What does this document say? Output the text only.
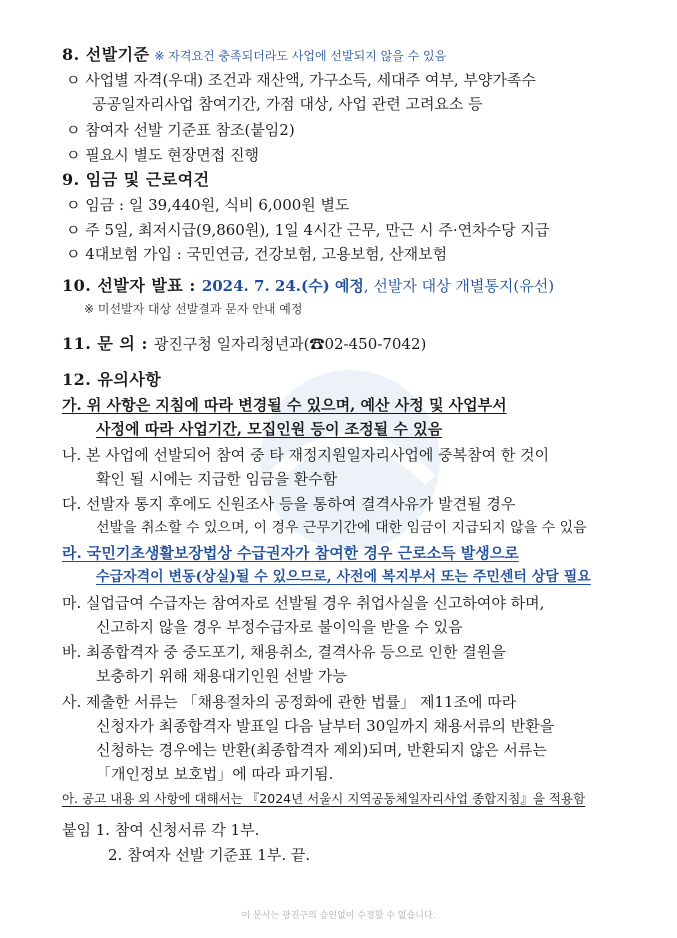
8. 선발기준 ※ 자격요건 충족되더라도 사업에 선발되지 않을 수 있음
ㅇ 사업별 자격(우대) 조건과 재산액, 가구소득, 세대주 여부, 부양가족수
공공일자리사업 참여기간, 가점 대상, 사업 관련 고려요소 등
ㅇ 참여자 선발 기준표 참조(붙임2)
ㅇ 필요시 별도 현장면접 진행
9. 임금 및 근로여건
ㅇ 임금 : 일 39,440원, 식비 6,000원 별도
ㅇ 주 5일, 최저시급(9,860원), 1일 4시간 근무, 만근 시 주·연차수당 지급
ㅇ 4대보험 가입 : 국민연금, 건강보험, 고용보험, 산재보험
10. 선발자 발표 : 2024. 7. 24.(수) 예정, 선발자 대상 개별통지(유선)
※ 미선발자 대상 선발결과 문자 안내 예정
11. 문 의 : 광진구청 일자리청년과(☎02-450-7042)
12. 유의사항
가. 위 사항은 지침에 따라 변경될 수 있으며, 예산 사정 및 사업부서
사정에 따라 사업기간, 모집인원 등이 조정될 수 있음
나. 본 사업에 선발되어 참여 중 타 재정지원일자리사업에 중복참여 한 것이
확인 될 시에는 지급한 임금을 환수함
다. 선발자 통지 후에도 신원조사 등을 통하여 결격사유가 발견될 경우
선발을 취소할 수 있으며, 이 경우 근무기간에 대한 임금이 지급되지 않을 수 있음
라. 국민기초생활보장법상 수급권자가 참여한 경우 근로소득 발생으로
수급자격이 변동(상실)될 수 있으므로, 사전에 복지부서 또는 주민센터 상담 필요
마. 실업급여 수급자는 참여자로 선발될 경우 취업사실을 신고하여야 하며,
신고하지 않을 경우 부정수급자로 불이익을 받을 수 있음
바. 최종합격자 중 중도포기, 채용취소, 결격사유 등으로 인한 결원을
보충하기 위해 채용대기인원 선발 가능
사. 제출한 서류는 「채용절차의 공정화에 관한 법률」 제11조에 따라
신청자가 최종합격자 발표일 다음 날부터 30일까지 채용서류의 반환을
신청하는 경우에는 반환(최종합격자 제외)되며, 반환되지 않은 서류는
「개인정보 보호법」에 따라 파기됨.
아. 공고 내용 외 사항에 대해서는 『2024년 서울시 지역공동체일자리사업 종합지침』을 적용함
붙임 1. 참여 신청서류 각 1부.
2. 참여자 선발 기준표 1부. 끝.
이 문서는 광진구의 승인없이 수정할 수 없습니다.
